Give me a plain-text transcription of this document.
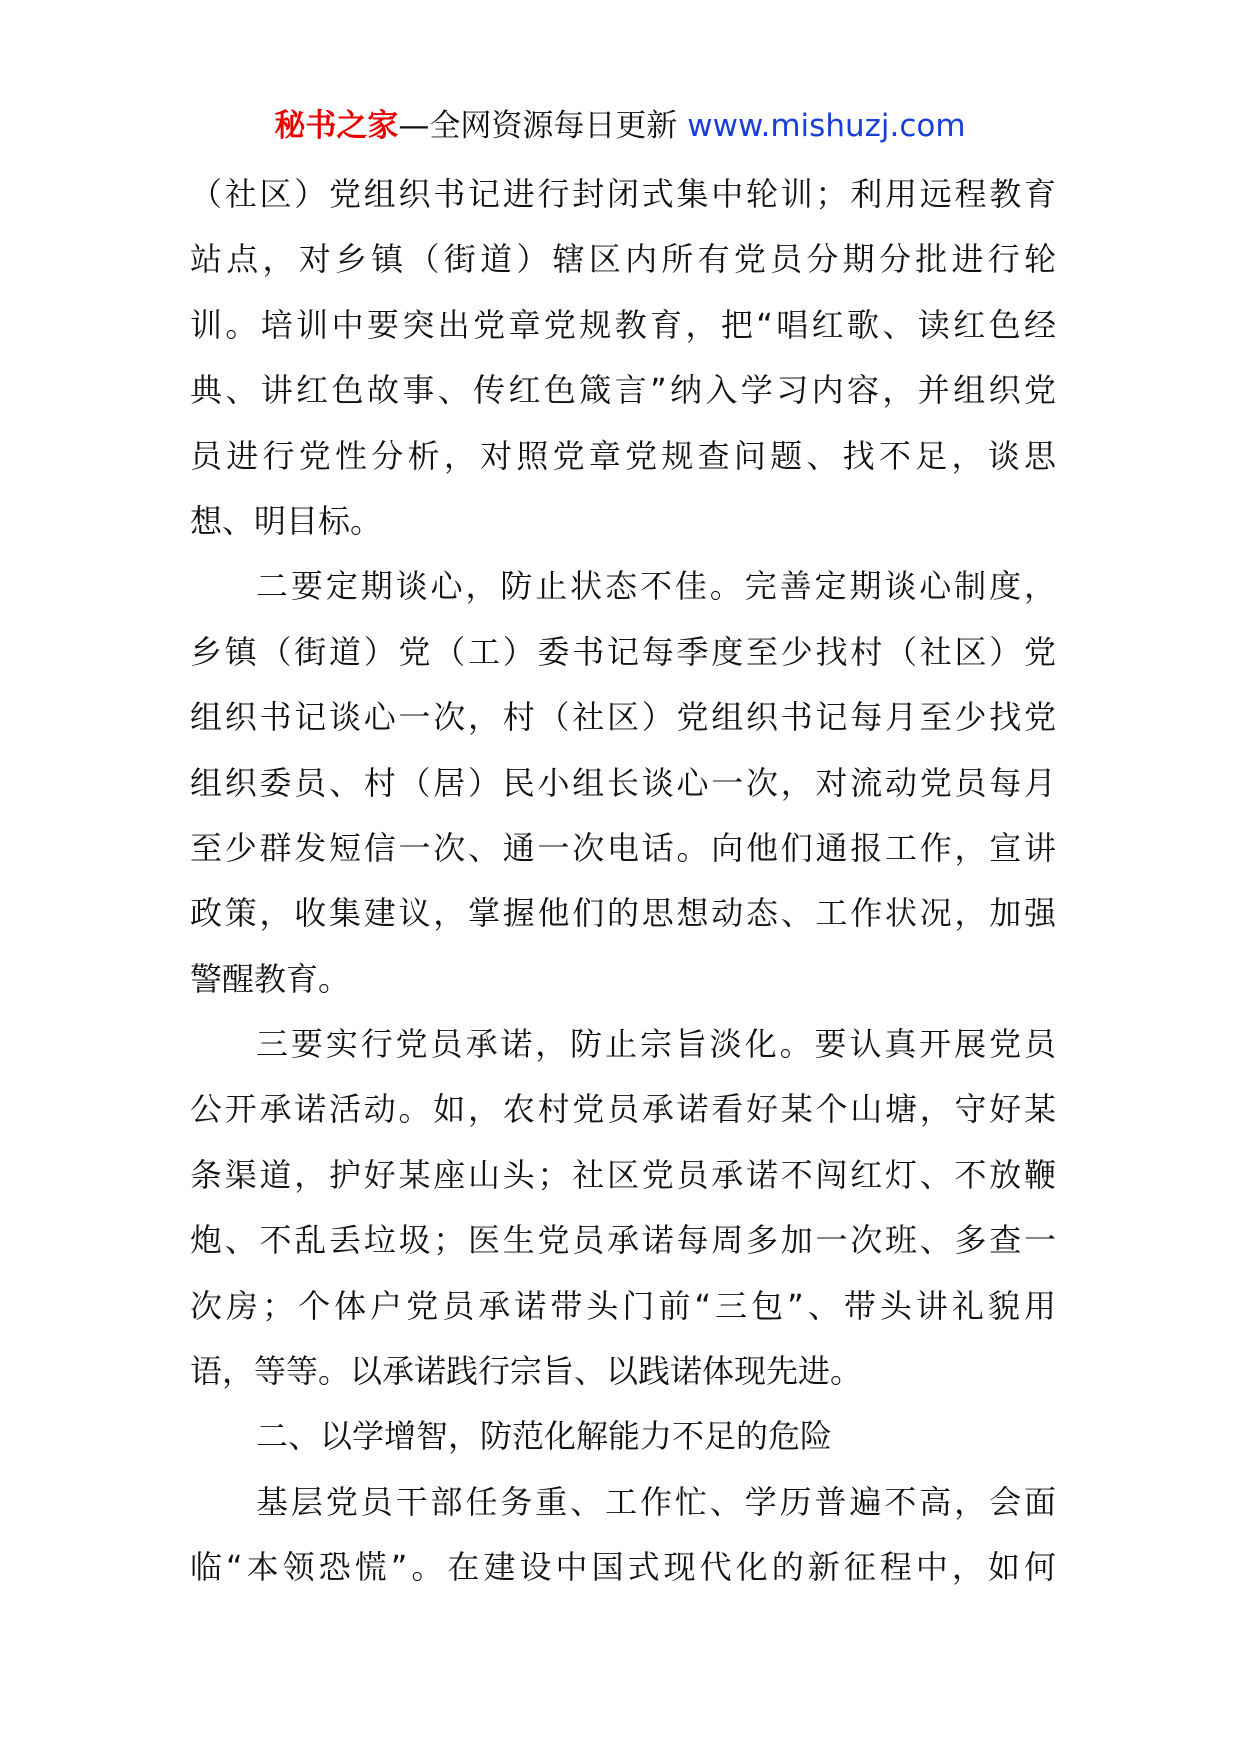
秘书之家—全网资源每日更新 www.mishuzj.com
（社区）党组织书记进行封闭式集中轮训；利用远程教育
站点，对乡镇（街道）辖区内所有党员分期分批进行轮
训。培训中要突出党章党规教育，把“唱红歌、读红色经
典、讲红色故事、传红色箴言”纳入学习内容，并组织党
员进行党性分析，对照党章党规查问题、找不足，谈思
想、明目标。
二要定期谈心，防止状态不佳。完善定期谈心制度，
乡镇（街道）党（工）委书记每季度至少找村（社区）党
组织书记谈心一次，村（社区）党组织书记每月至少找党
组织委员、村（居）民小组长谈心一次，对流动党员每月
至少群发短信一次、通一次电话。向他们通报工作，宣讲
政策，收集建议，掌握他们的思想动态、工作状况，加强
警醒教育。
三要实行党员承诺，防止宗旨淡化。要认真开展党员
公开承诺活动。如，农村党员承诺看好某个山塘，守好某
条渠道，护好某座山头；社区党员承诺不闯红灯、不放鞭
炮、不乱丢垃圾；医生党员承诺每周多加一次班、多查一
次房；个体户党员承诺带头门前“三包”、带头讲礼貌用
语，等等。以承诺践行宗旨、以践诺体现先进。
二、以学增智，防范化解能力不足的危险
基层党员干部任务重、工作忙、学历普遍不高，会面
临“本领恐慌”。在建设中国式现代化的新征程中，如何
